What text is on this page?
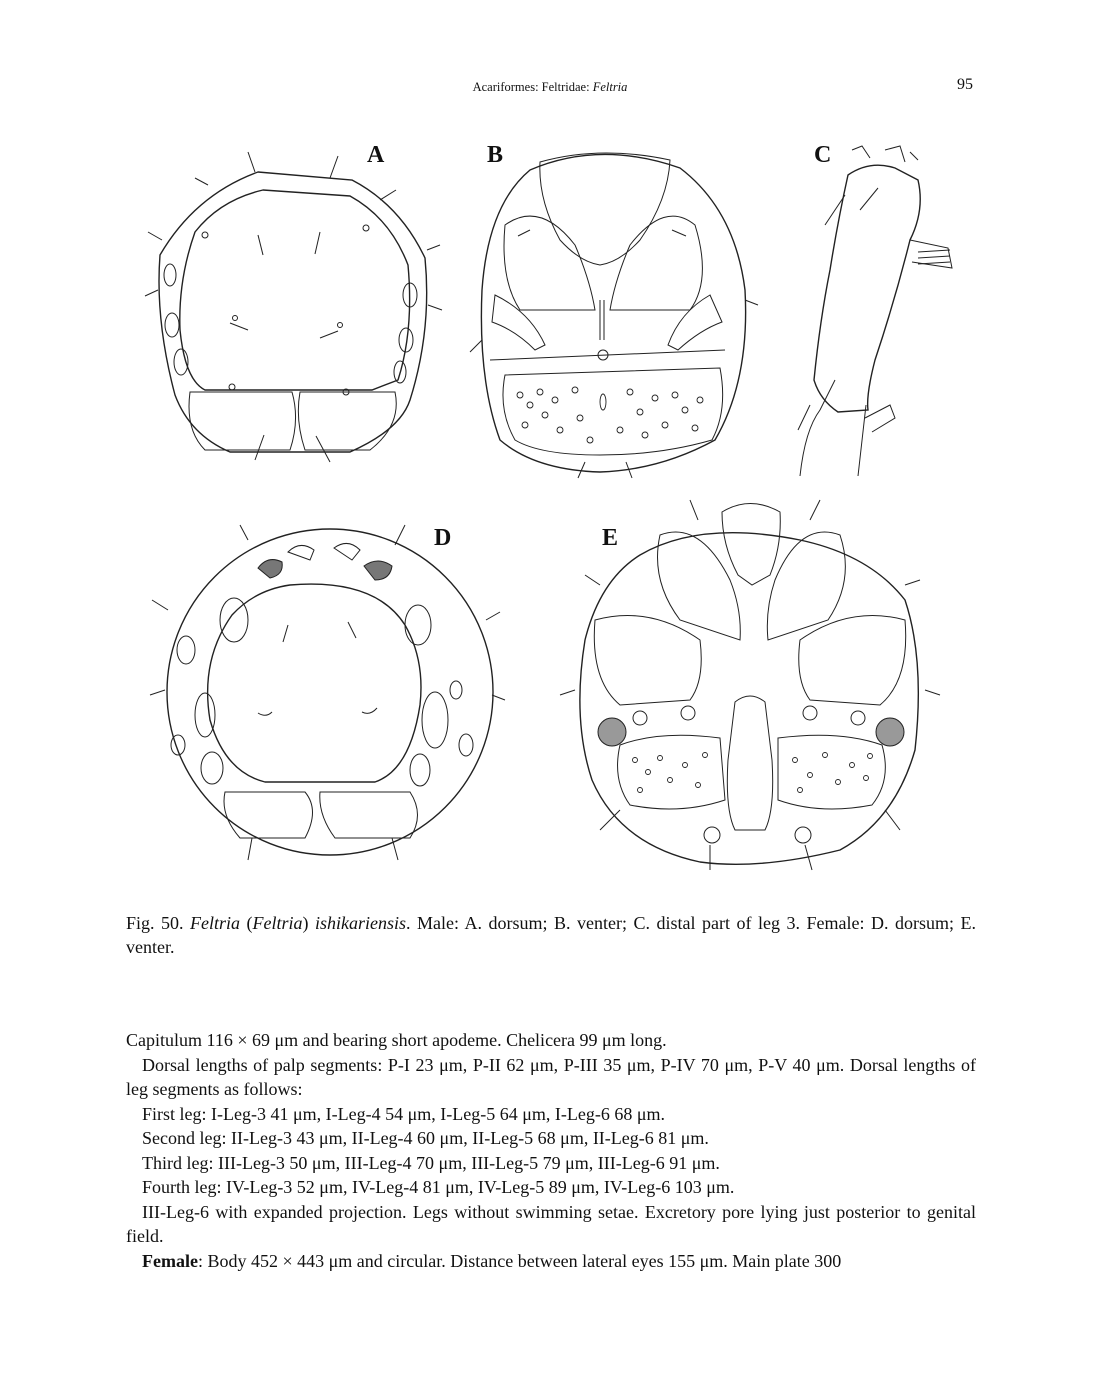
Acariformes: Feltridae: Feltria	95
A	B	C
D	E
Fig. 50. Feltria (Feltria) ishikariensis. Male: A. dorsum; B. venter; C. distal part of leg 3. Female: D. dorsum; E. venter.

Capitulum 116 × 69 μm and bearing short apodeme. Chelicera 99 μm long.

Dorsal lengths of palp segments: P-I 23 μm, P-II 62 μm, P-III 35 μm, P-IV 70 μm, P-V 40 μm. Dorsal lengths of leg segments as follows:

First leg: I-Leg-3 41 μm, I-Leg-4 54 μm, I-Leg-5 64 μm, I-Leg-6 68 μm.

Second leg: II-Leg-3 43 μm, II-Leg-4 60 μm, II-Leg-5 68 μm, II-Leg-6 81 μm.

Third leg: III-Leg-3 50 μm, III-Leg-4 70 μm, III-Leg-5 79 μm, III-Leg-6 91 μm.

Fourth leg: IV-Leg-3 52 μm, IV-Leg-4 81 μm, IV-Leg-5 89 μm, IV-Leg-6 103 μm.

III-Leg-6 with expanded projection. Legs without swimming setae. Excretory pore lying just posterior to genital field.

Female: Body 452 × 443 μm and circular. Distance between lateral eyes 155 μm. Main plate 300
